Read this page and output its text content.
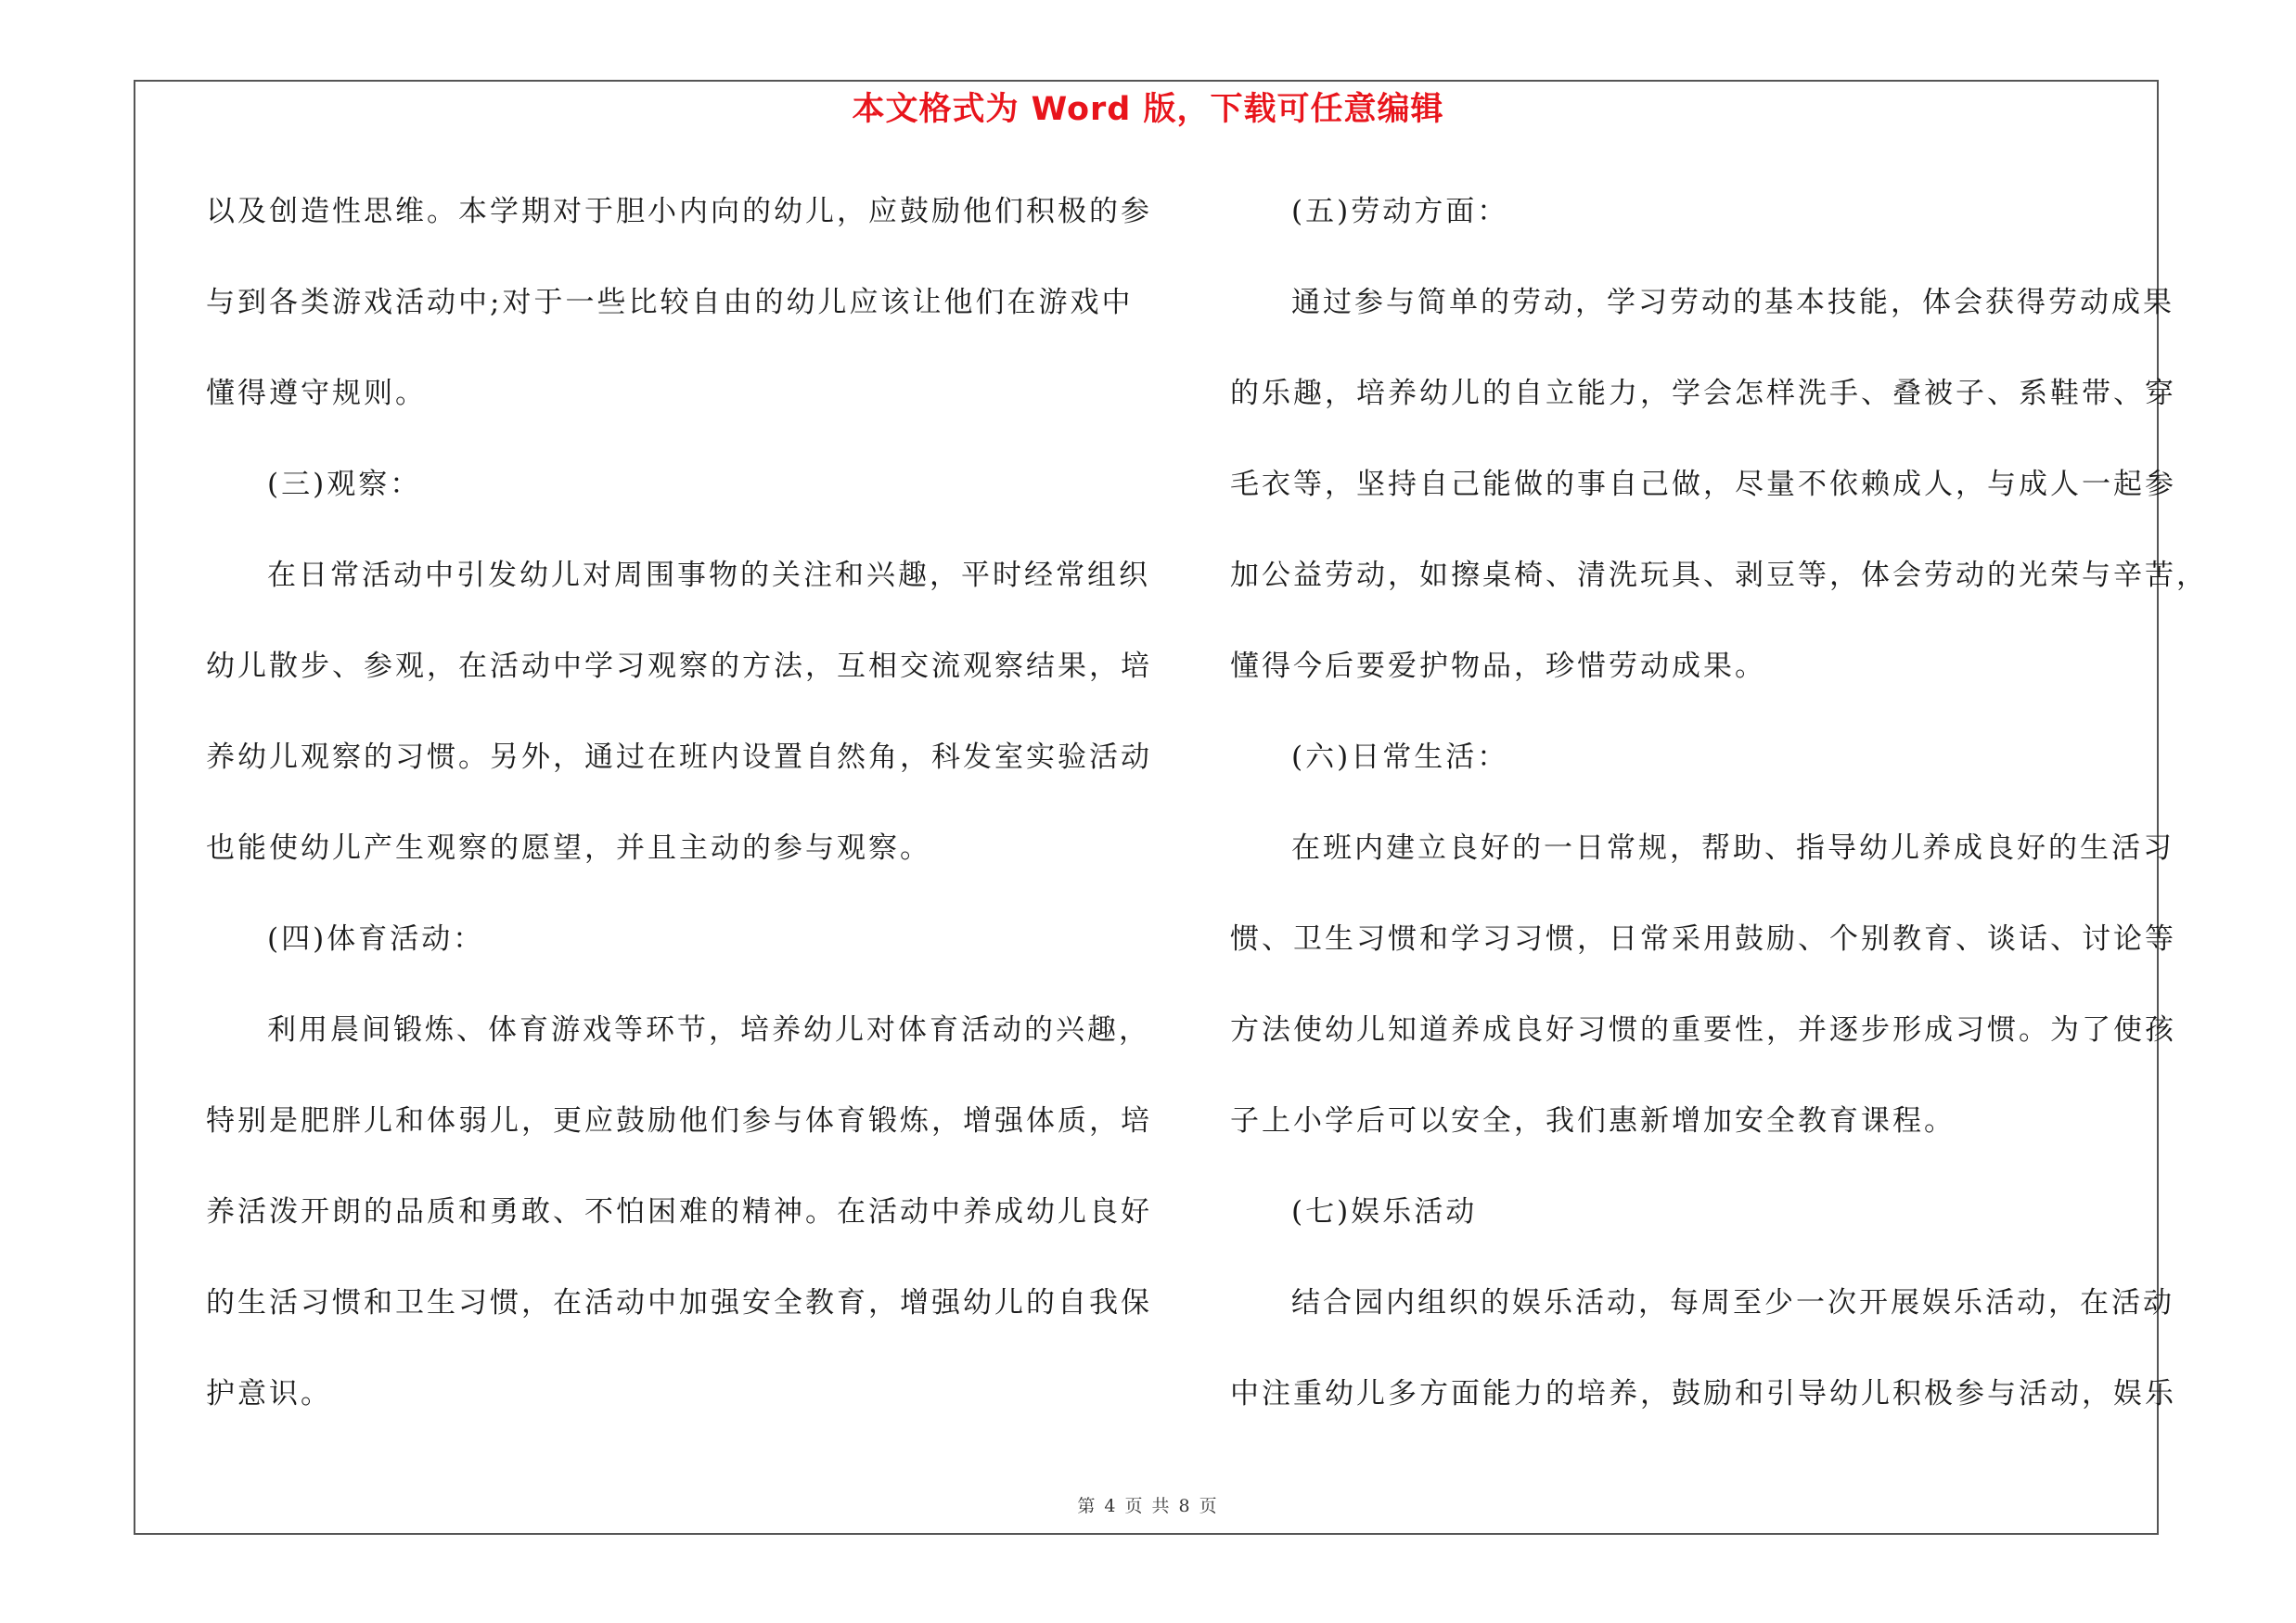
本文格式为 Word 版，下载可任意编辑
以及创造性思维。本学期对于胆小内向的幼儿，应鼓励他们积极的参
与到各类游戏活动中;对于一些比较自由的幼儿应该让他们在游戏中
懂得遵守规则。
(三)观察：
在日常活动中引发幼儿对周围事物的关注和兴趣，平时经常组织
幼儿散步、参观，在活动中学习观察的方法，互相交流观察结果，培
养幼儿观察的习惯。另外，通过在班内设置自然角，科发室实验活动
也能使幼儿产生观察的愿望，并且主动的参与观察。
(四)体育活动：
利用晨间锻炼、体育游戏等环节，培养幼儿对体育活动的兴趣，
特别是肥胖儿和体弱儿，更应鼓励他们参与体育锻炼，增强体质，培
养活泼开朗的品质和勇敢、不怕困难的精神。在活动中养成幼儿良好
的生活习惯和卫生习惯，在活动中加强安全教育，增强幼儿的自我保
护意识。
(五)劳动方面：
通过参与简单的劳动，学习劳动的基本技能，体会获得劳动成果
的乐趣，培养幼儿的自立能力，学会怎样洗手、叠被子、系鞋带、穿
毛衣等，坚持自己能做的事自己做，尽量不依赖成人，与成人一起参
加公益劳动，如擦桌椅、清洗玩具、剥豆等，体会劳动的光荣与辛苦，
懂得今后要爱护物品，珍惜劳动成果。
(六)日常生活：
在班内建立良好的一日常规，帮助、指导幼儿养成良好的生活习
惯、卫生习惯和学习习惯，日常采用鼓励、个别教育、谈话、讨论等
方法使幼儿知道养成良好习惯的重要性，并逐步形成习惯。为了使孩
子上小学后可以安全，我们惠新增加安全教育课程。
(七)娱乐活动
结合园内组织的娱乐活动，每周至少一次开展娱乐活动，在活动
中注重幼儿多方面能力的培养，鼓励和引导幼儿积极参与活动，娱乐
第 4 页 共 8 页
